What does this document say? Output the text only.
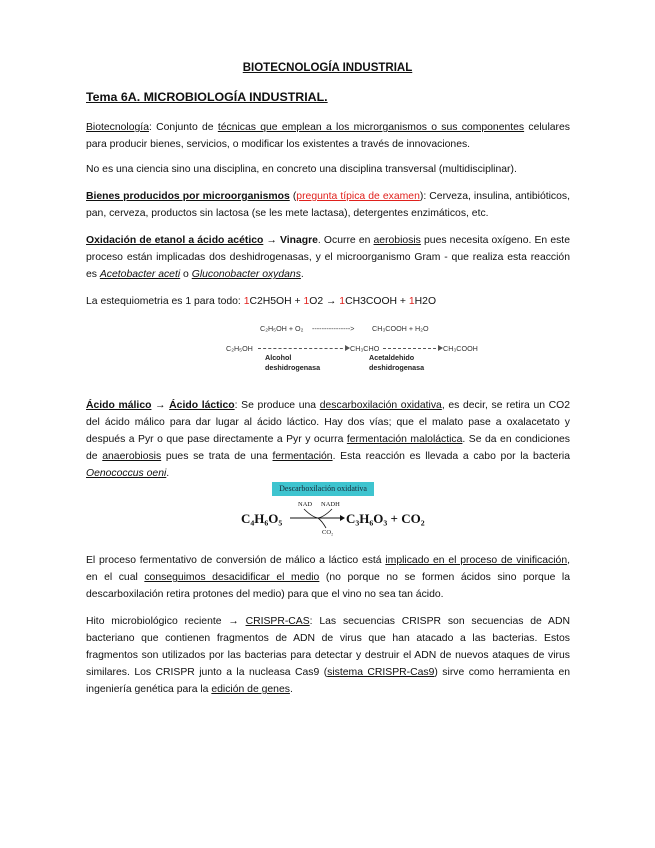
BIOTECNOLOGÍA INDUSTRIAL
Tema 6A. MICROBIOLOGÍA INDUSTRIAL.

Biotecnología: Conjunto de técnicas que emplean a los microrganismos o sus componentes celulares para producir bienes, servicios, o modificar los existentes a través de innovaciones.

No es una ciencia sino una disciplina, en concreto una disciplina transversal (multidisciplinar).

Bienes producidos por microorganismos (pregunta típica de examen): Cerveza, insulina, antibióticos, pan, cerveza, productos sin lactosa (se les mete lactasa), detergentes enzimáticos, etc.

Oxidación de etanol a ácido acético → Vinagre. Ocurre en aerobiosis pues necesita oxígeno. En este proceso están implicadas dos deshidrogenasas, y el microorganismo Gram - que realiza esta reacción es Acetobacter aceti o Gluconobacter oxydans.

La estequiometria es 1 para todo: 1C2H5OH + 1O2 → 1CH3COOH + 1H2O

C₂H₅OH + O₂ ----------------> CH₃COOH + H₂O
C₂H₅OH	CH₃CHO	CH₃COOH
Alcohol
deshidrogenasa
Acetaldehido
deshidrogenasa

Ácido málico → Ácido láctico: Se produce una descarboxilación oxidativa, es decir, se retira un CO2 del ácido málico para dar lugar al ácido láctico. Hay dos vías; que el malato pase a oxalacetato y después a Pyr o que pase directamente a Pyr y ocurra fermentación maloláctica. Se da en condiciones de anaerobiosis pues se trata de una fermentación. Esta reacción es llevada a cabo por la bacteria Oenococcus oeni.

Descarboxilación oxidativa
C₄H₆O₅
NAD NADH
CO₂
C₃H₆O₃ + CO₂

El proceso fermentativo de conversión de málico a láctico está implicado en el proceso de vinificación, en el cual conseguimos desacidificar el medio (no porque no se formen ácidos sino porque la descarboxilación retira protones del medio) para que el vino no sea tan ácido.

Hito microbiológico reciente → CRISPR-CAS: Las secuencias CRISPR son secuencias de ADN bacteriano que contienen fragmentos de ADN de virus que han atacado a las bacterias. Estos fragmentos son utilizados por las bacterias para detectar y destruir el ADN de nuevos ataques de virus similares. Los CRISPR junto a la nucleasa Cas9 (sistema CRISPR-Cas9) sirve como herramienta en ingeniería genética para la edición de genes.
